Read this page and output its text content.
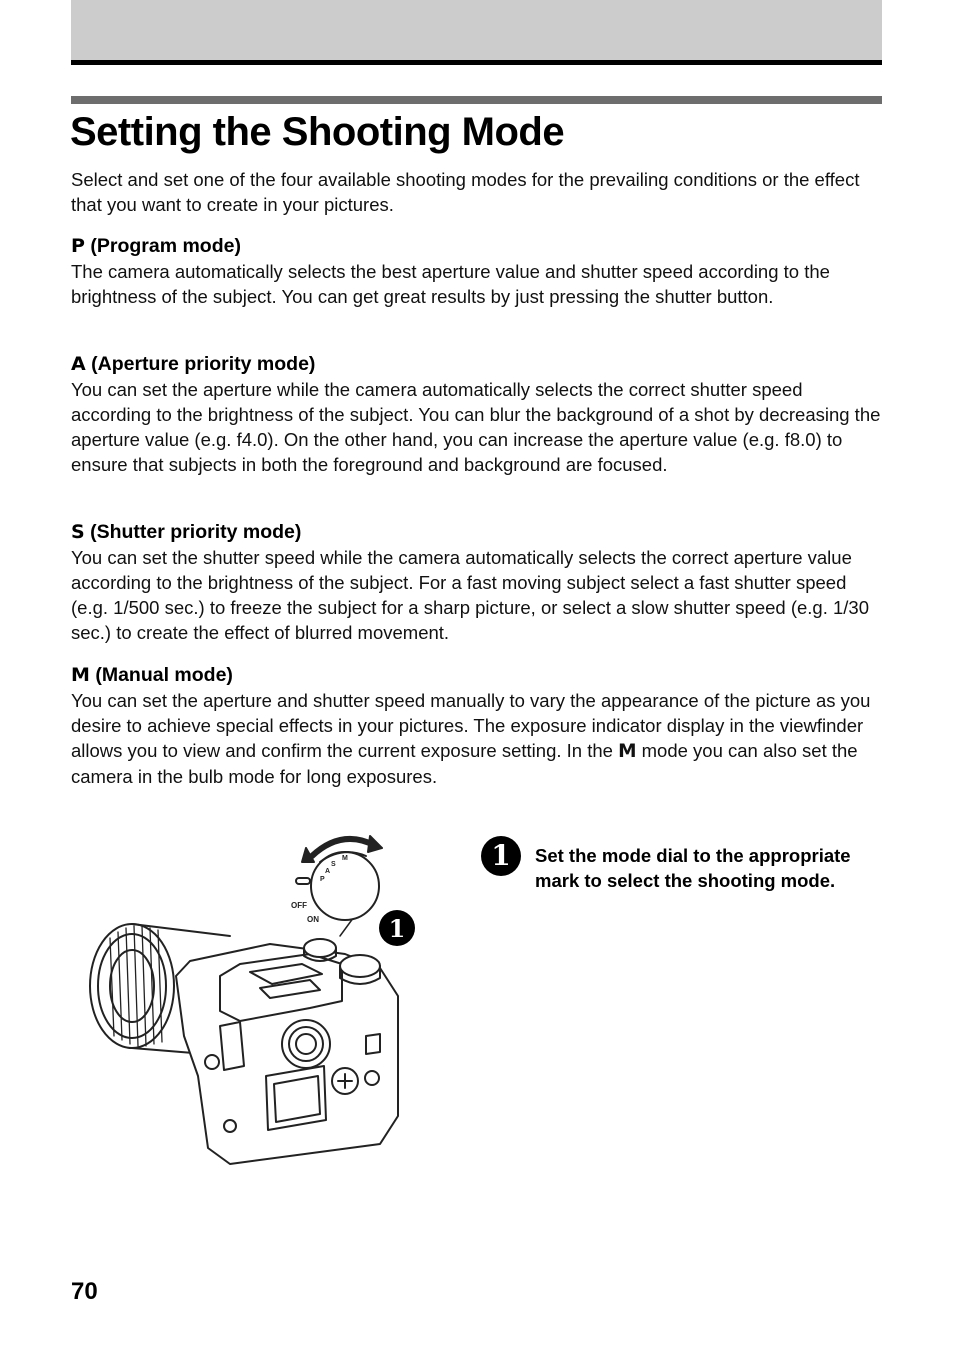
Setting the Shooting Mode

Select and set one of the four available shooting modes for the prevailing conditions or the effect that you want to create in your pictures.

P (Program mode)

The camera automatically selects the best aperture value and shutter speed according to the brightness of the subject. You can get great results by just pressing the shutter button.

A (Aperture priority mode)

You can set the aperture while the camera automatically selects the correct shutter speed according to the brightness of the subject. You can blur the background of a shot by decreasing the aperture value (e.g. f4.0). On the other hand, you can increase the aperture value (e.g. f8.0) to ensure that subjects in both the foreground and background are focused.

S (Shutter priority mode)

You can set the shutter speed while the camera automatically selects the correct aperture value according to the brightness of the subject. For a fast moving subject select a fast shutter speed (e.g. 1/500 sec.) to freeze the subject for a sharp picture, or select a slow shutter speed (e.g. 1/30 sec.) to create the effect of blurred movement.

M (Manual mode)

You can set the aperture and shutter speed manually to vary the appearance of the picture as you desire to achieve special effects in your pictures. The exposure indicator display in the viewfinder allows you to view and confirm the current exposure setting. In the M mode you can also set the camera in the bulb mode for long exposures.

M
S
A
P
OFF
ON	1
1	Set the mode dial to the appropriate mark to select the shooting mode.

70
